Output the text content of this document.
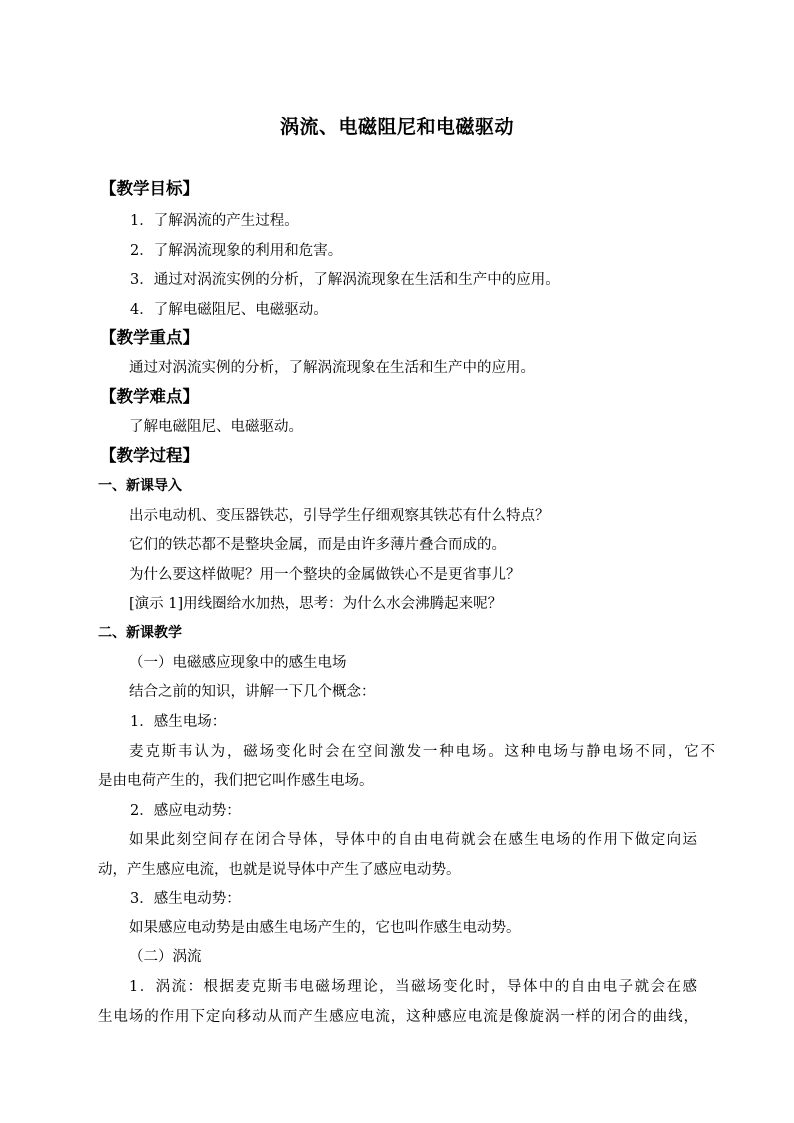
涡流、电磁阻尼和电磁驱动
【教学目标】
1．了解涡流的产生过程。
2．了解涡流现象的利用和危害。
3．通过对涡流实例的分析，了解涡流现象在生活和生产中的应用。
4．了解电磁阻尼、电磁驱动。
【教学重点】
通过对涡流实例的分析，了解涡流现象在生活和生产中的应用。
【教学难点】
了解电磁阻尼、电磁驱动。
【教学过程】
一、新课导入
出示电动机、变压器铁芯，引导学生仔细观察其铁芯有什么特点？
它们的铁芯都不是整块金属，而是由许多薄片叠合而成的。
为什么要这样做呢？用一个整块的金属做铁心不是更省事儿？
[演示 1]用线圈给水加热，思考：为什么水会沸腾起来呢？
二、新课教学
（一）电磁感应现象中的感生电场
结合之前的知识，讲解一下几个概念：
1．感生电场：
麦克斯韦认为，磁场变化时会在空间激发一种电场。这种电场与静电场不同，它不
是由电荷产生的，我们把它叫作感生电场。
2．感应电动势：
如果此刻空间存在闭合导体，导体中的自由电荷就会在感生电场的作用下做定向运
动，产生感应电流，也就是说导体中产生了感应电动势。
3．感生电动势：
如果感应电动势是由感生电场产生的，它也叫作感生电动势。
（二）涡流
1．涡流：根据麦克斯韦电磁场理论，当磁场变化时，导体中的自由电子就会在感
生电场的作用下定向移动从而产生感应电流，这种感应电流是像旋涡一样的闭合的曲线，
